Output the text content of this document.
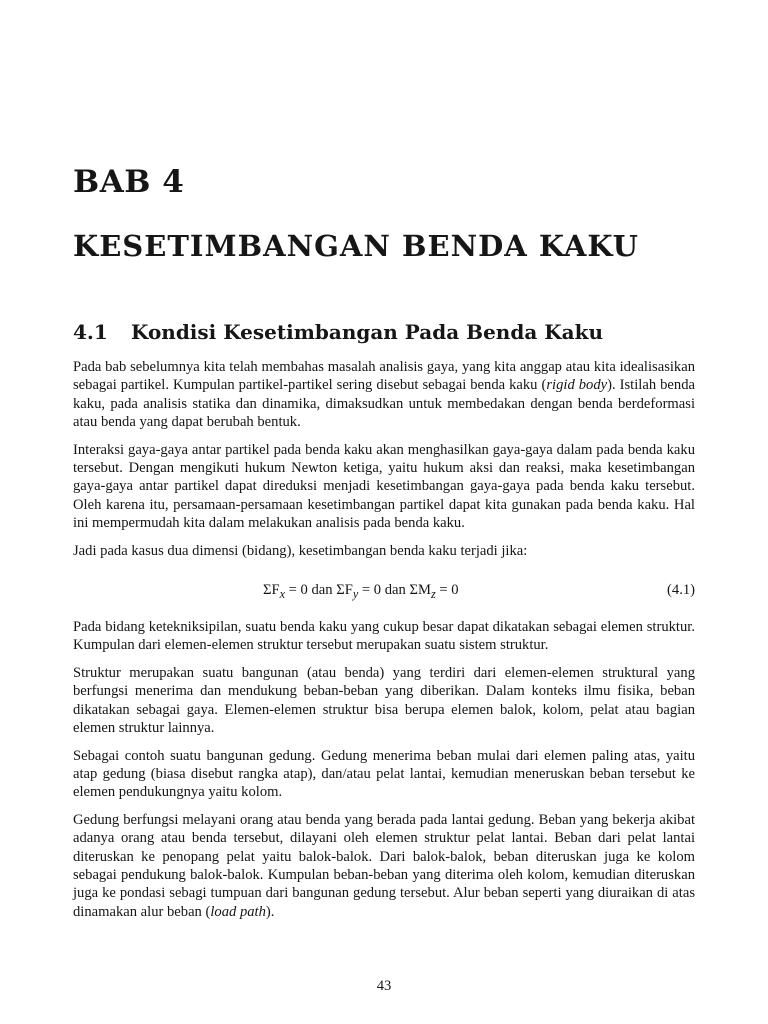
BAB 4
KESETIMBANGAN BENDA KAKU
4.1 Kondisi Kesetimbangan Pada Benda Kaku

Pada bab sebelumnya kita telah membahas masalah analisis gaya, yang kita anggap atau kita idealisasikan sebagai partikel. Kumpulan partikel-partikel sering disebut sebagai benda kaku (rigid body). Istilah benda kaku, pada analisis statika dan dinamika, dimaksudkan untuk membedakan dengan benda berdeformasi atau benda yang dapat berubah bentuk.

Interaksi gaya-gaya antar partikel pada benda kaku akan menghasilkan gaya-gaya dalam pada benda kaku tersebut. Dengan mengikuti hukum Newton ketiga, yaitu hukum aksi dan reaksi, maka kesetimbangan gaya-gaya antar partikel dapat direduksi menjadi kesetimbangan gaya-gaya pada benda kaku tersebut. Oleh karena itu, persamaan-persamaan kesetimbangan partikel dapat kita gunakan pada benda kaku. Hal ini mempermudah kita dalam melakukan analisis pada benda kaku.

Jadi pada kasus dua dimensi (bidang), kesetimbangan benda kaku terjadi jika:

$\Sigma F_x = 0$ dan $\Sigma F_y = 0$ dan $\Sigma M_z = 0$	(4.1)

Pada bidang ketekniksipilan, suatu benda kaku yang cukup besar dapat dikatakan sebagai elemen struktur. Kumpulan dari elemen-elemen struktur tersebut merupakan suatu sistem struktur.

Struktur merupakan suatu bangunan (atau benda) yang terdiri dari elemen-elemen struktural yang berfungsi menerima dan mendukung beban-beban yang diberikan. Dalam konteks ilmu fisika, beban dikatakan sebagai gaya. Elemen-elemen struktur bisa berupa elemen balok, kolom, pelat atau bagian elemen struktur lainnya.

Sebagai contoh suatu bangunan gedung. Gedung menerima beban mulai dari elemen paling atas, yaitu atap gedung (biasa disebut rangka atap), dan/atau pelat lantai, kemudian meneruskan beban tersebut ke elemen pendukungnya yaitu kolom.

Gedung berfungsi melayani orang atau benda yang berada pada lantai gedung. Beban yang bekerja akibat adanya orang atau benda tersebut, dilayani oleh elemen struktur pelat lantai. Beban dari pelat lantai diteruskan ke penopang pelat yaitu balok-balok. Dari balok-balok, beban diteruskan juga ke kolom sebagai pendukung balok-balok. Kumpulan beban-beban yang diterima oleh kolom, kemudian diteruskan juga ke pondasi sebagi tumpuan dari bangunan gedung tersebut. Alur beban seperti yang diuraikan di atas dinamakan alur beban (load path).

43
